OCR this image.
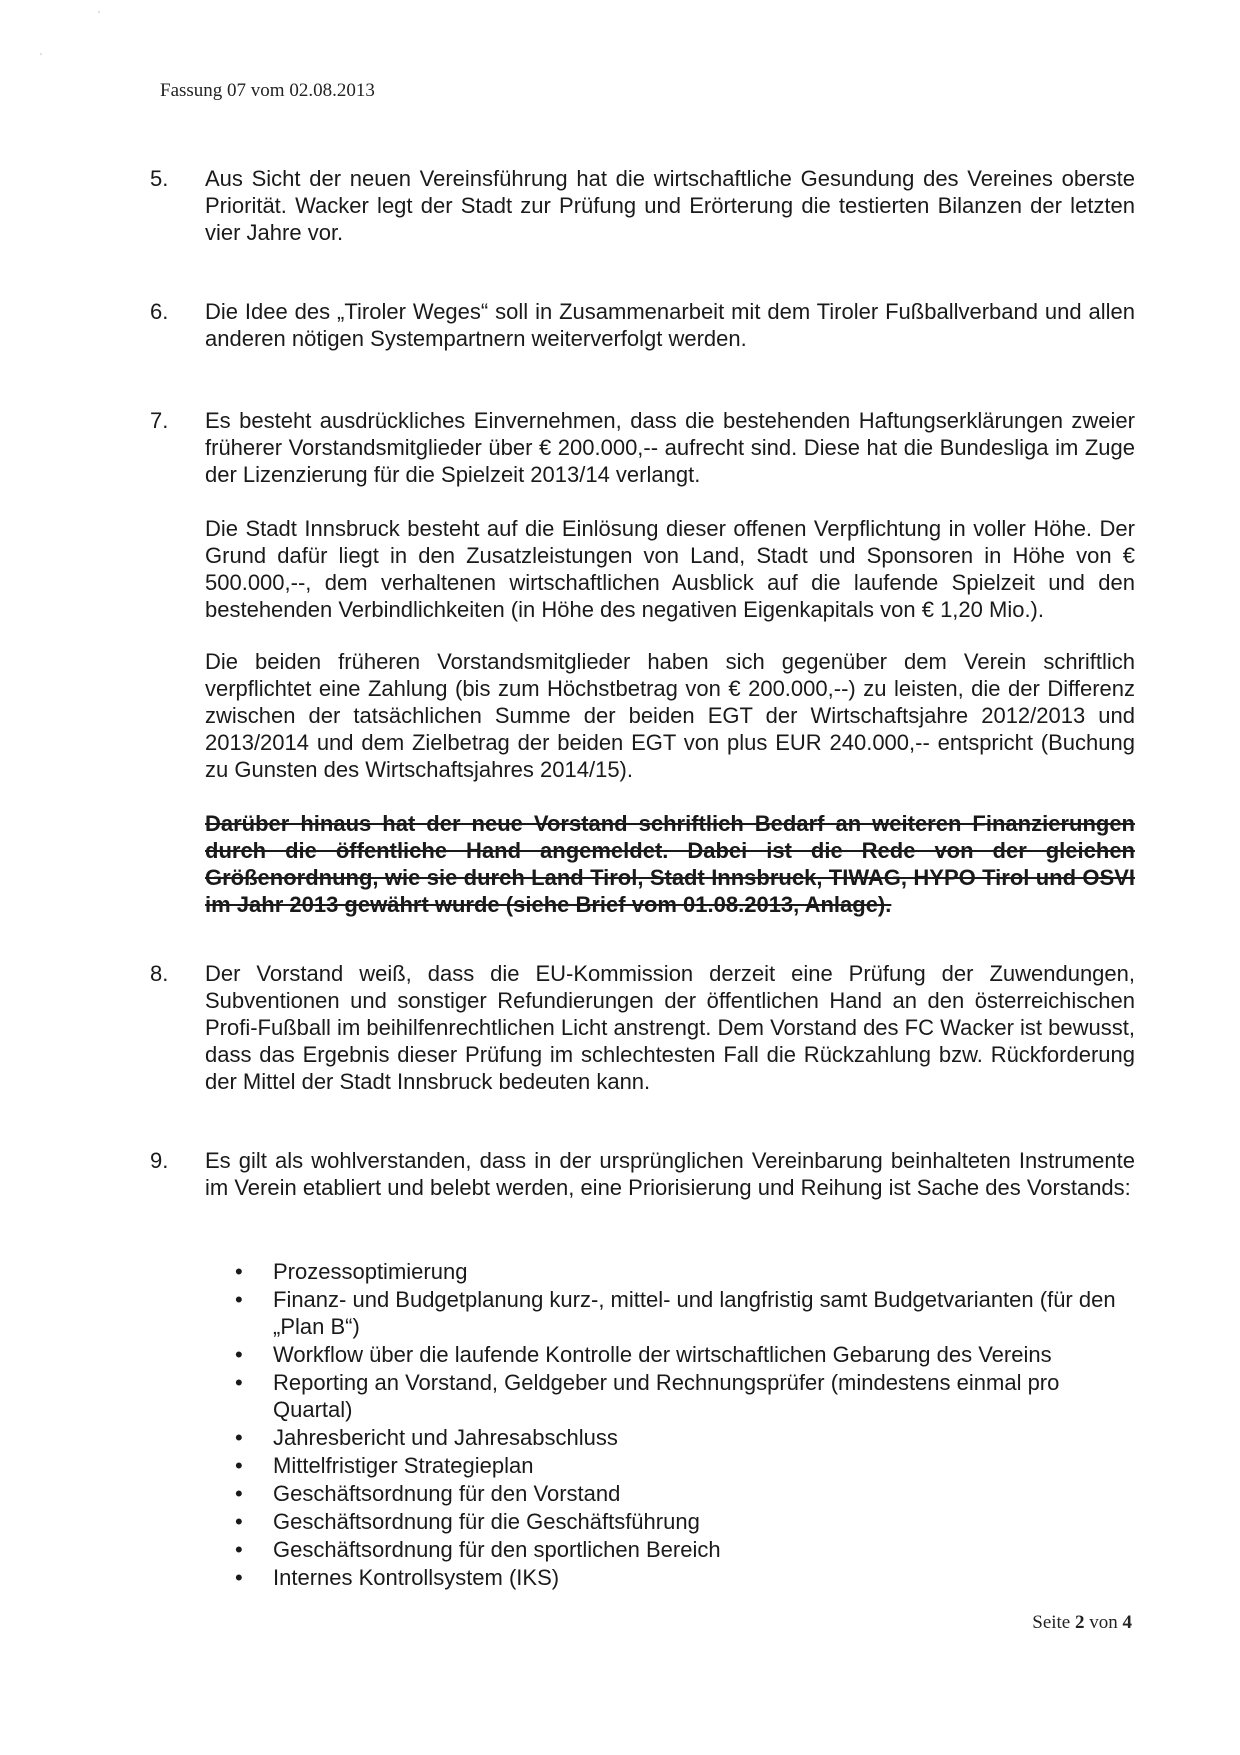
'
'
Fassung 07 vom 02.08.2013
5. Aus Sicht der neuen Vereinsführung hat die wirtschaftliche Gesundung des Vereines oberste Priorität. Wacker legt der Stadt zur Prüfung und Erörterung die testierten Bilanzen der letzten vier Jahre vor.

6. Die Idee des „Tiroler Weges“ soll in Zusammenarbeit mit dem Tiroler Fußballverband und allen anderen nötigen Systempartnern weiterverfolgt werden.

7. Es besteht ausdrückliches Einvernehmen, dass die bestehenden Haftungserklärungen zweier früherer Vorstandsmitglieder über € 200.000,-- aufrecht sind. Diese hat die Bundesliga im Zuge der Lizenzierung für die Spielzeit 2013/14 verlangt.

Die Stadt Innsbruck besteht auf die Einlösung dieser offenen Verpflichtung in voller Höhe. Der Grund dafür liegt in den Zusatzleistungen von Land, Stadt und Sponsoren in Höhe von € 500.000,--, dem verhaltenen wirtschaftlichen Ausblick auf die laufende Spielzeit und den bestehenden Verbindlichkeiten (in Höhe des negativen Eigenkapitals von € 1,20 Mio.).

Die beiden früheren Vorstandsmitglieder haben sich gegenüber dem Verein schriftlich verpflichtet eine Zahlung (bis zum Höchstbetrag von € 200.000,--) zu leisten, die der Differenz zwischen der tatsächlichen Summe der beiden EGT der Wirtschaftsjahre 2012/2013 und 2013/2014 und dem Zielbetrag der beiden EGT von plus EUR 240.000,-- entspricht (Buchung zu Gunsten des Wirtschaftsjahres 2014/15).

Darüber hinaus hat der neue Vorstand schriftlich Bedarf an weiteren Finanzierungen durch die öffentliche Hand angemeldet. Dabei ist die Rede von der gleichen Größenordnung, wie sie durch Land Tirol, Stadt Innsbruck, TIWAG, HYPO Tirol und OSVI im Jahr 2013 gewährt wurde (siehe Brief vom 01.08.2013, Anlage).

8. Der Vorstand weiß, dass die EU-Kommission derzeit eine Prüfung der Zuwendungen, Subventionen und sonstiger Refundierungen der öffentlichen Hand an den österreichischen Profi-Fußball im beihilfenrechtlichen Licht anstrengt. Dem Vorstand des FC Wacker ist bewusst, dass das Ergebnis dieser Prüfung im schlechtesten Fall die Rückzahlung bzw. Rückforderung der Mittel der Stadt Innsbruck bedeuten kann.

9. Es gilt als wohlverstanden, dass in der ursprünglichen Vereinbarung beinhalteten Instrumente im Verein etabliert und belebt werden, eine Priorisierung und Reihung ist Sache des Vorstands:

• Prozessoptimierung
• Finanz- und Budgetplanung kurz-, mittel- und langfristig samt Budgetvarianten (für den „Plan B“)
• Workflow über die laufende Kontrolle der wirtschaftlichen Gebarung des Vereins
• Reporting an Vorstand, Geldgeber und Rechnungsprüfer (mindestens einmal pro Quartal)
• Jahresbericht und Jahresabschluss
• Mittelfristiger Strategieplan
• Geschäftsordnung für den Vorstand
• Geschäftsordnung für die Geschäftsführung
• Geschäftsordnung für den sportlichen Bereich
• Internes Kontrollsystem (IKS)
Seite 2 von 4
